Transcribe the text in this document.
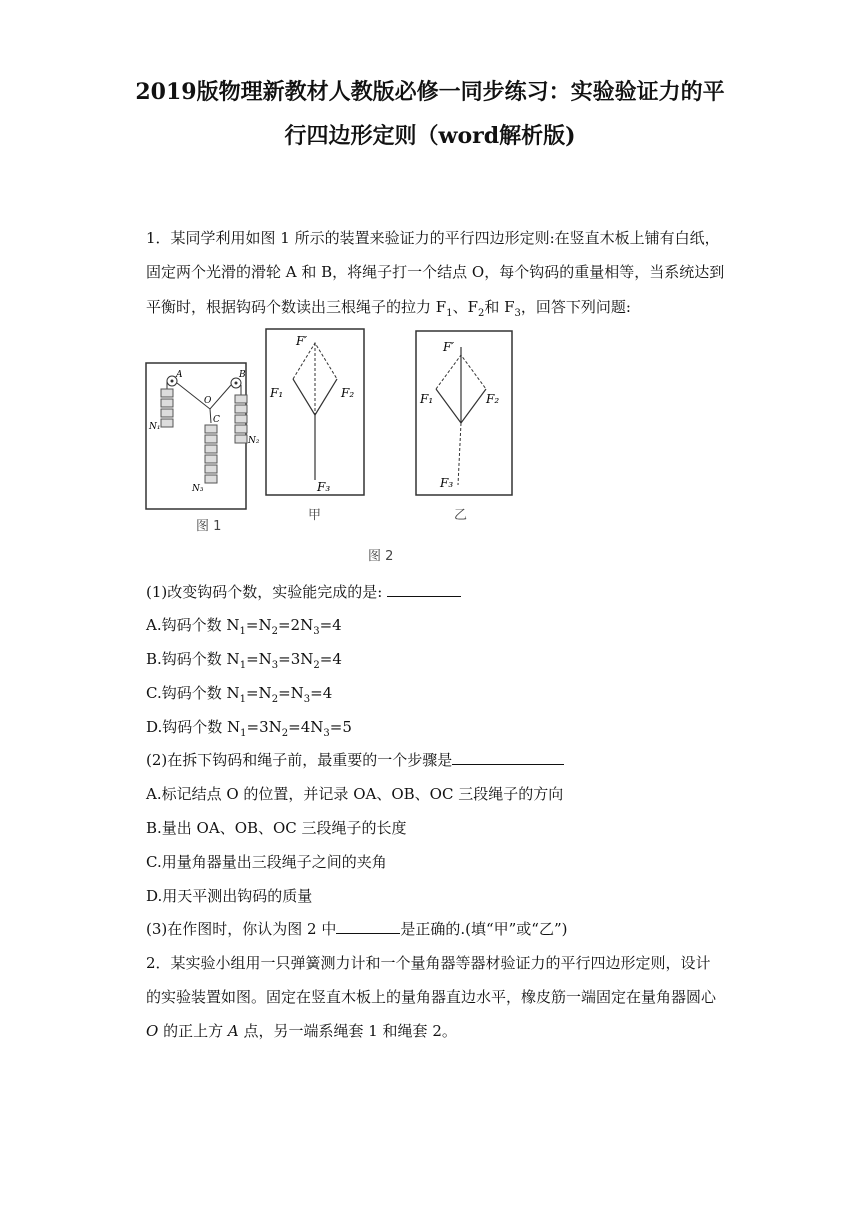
2019版物理新教材人教版必修一同步练习：实验验证力的平
行四边形定则（word解析版)
1．某同学利用如图 1 所示的装置来验证力的平行四边形定则:在竖直木板上铺有白纸，
固定两个光滑的滑轮 A 和 B，将绳子打一个结点 O，每个钩码的重量相等，当系统达到
平衡时，根据钩码个数读出三根绳子的拉力 $F_1$、$F_2$和 $F_3$，回答下列问题:
A	B
O
C
N₁
N₂
N₃
图 1
F′
F₁	F₂
F₃
甲
F′
F₁	F₂
F₃
乙
图 2
(1)改变钩码个数，实验能完成的是:
A.钩码个数 $N_1=N_2=2N_3=4$
B.钩码个数 $N_1=N_3=3N_2=4$
C.钩码个数 $N_1=N_2=N_3=4$
D.钩码个数 $N_1=3N_2=4N_3=5$
(2)在拆下钩码和绳子前，最重要的一个步骤是
A.标记结点 O 的位置，并记录 OA、OB、OC 三段绳子的方向
B.量出 OA、OB、OC 三段绳子的长度
C.用量角器量出三段绳子之间的夹角
D.用天平测出钩码的质量
(3)在作图时，你认为图 2 中	是正确的.(填“甲”或“乙”)
2．某实验小组用一只弹簧测力计和一个量角器等器材验证力的平行四边形定则，设计
的实验装置如图。固定在竖直木板上的量角器直边水平，橡皮筋一端固定在量角器圆心
O 的正上方 A 点，另一端系绳套 1 和绳套 2。
